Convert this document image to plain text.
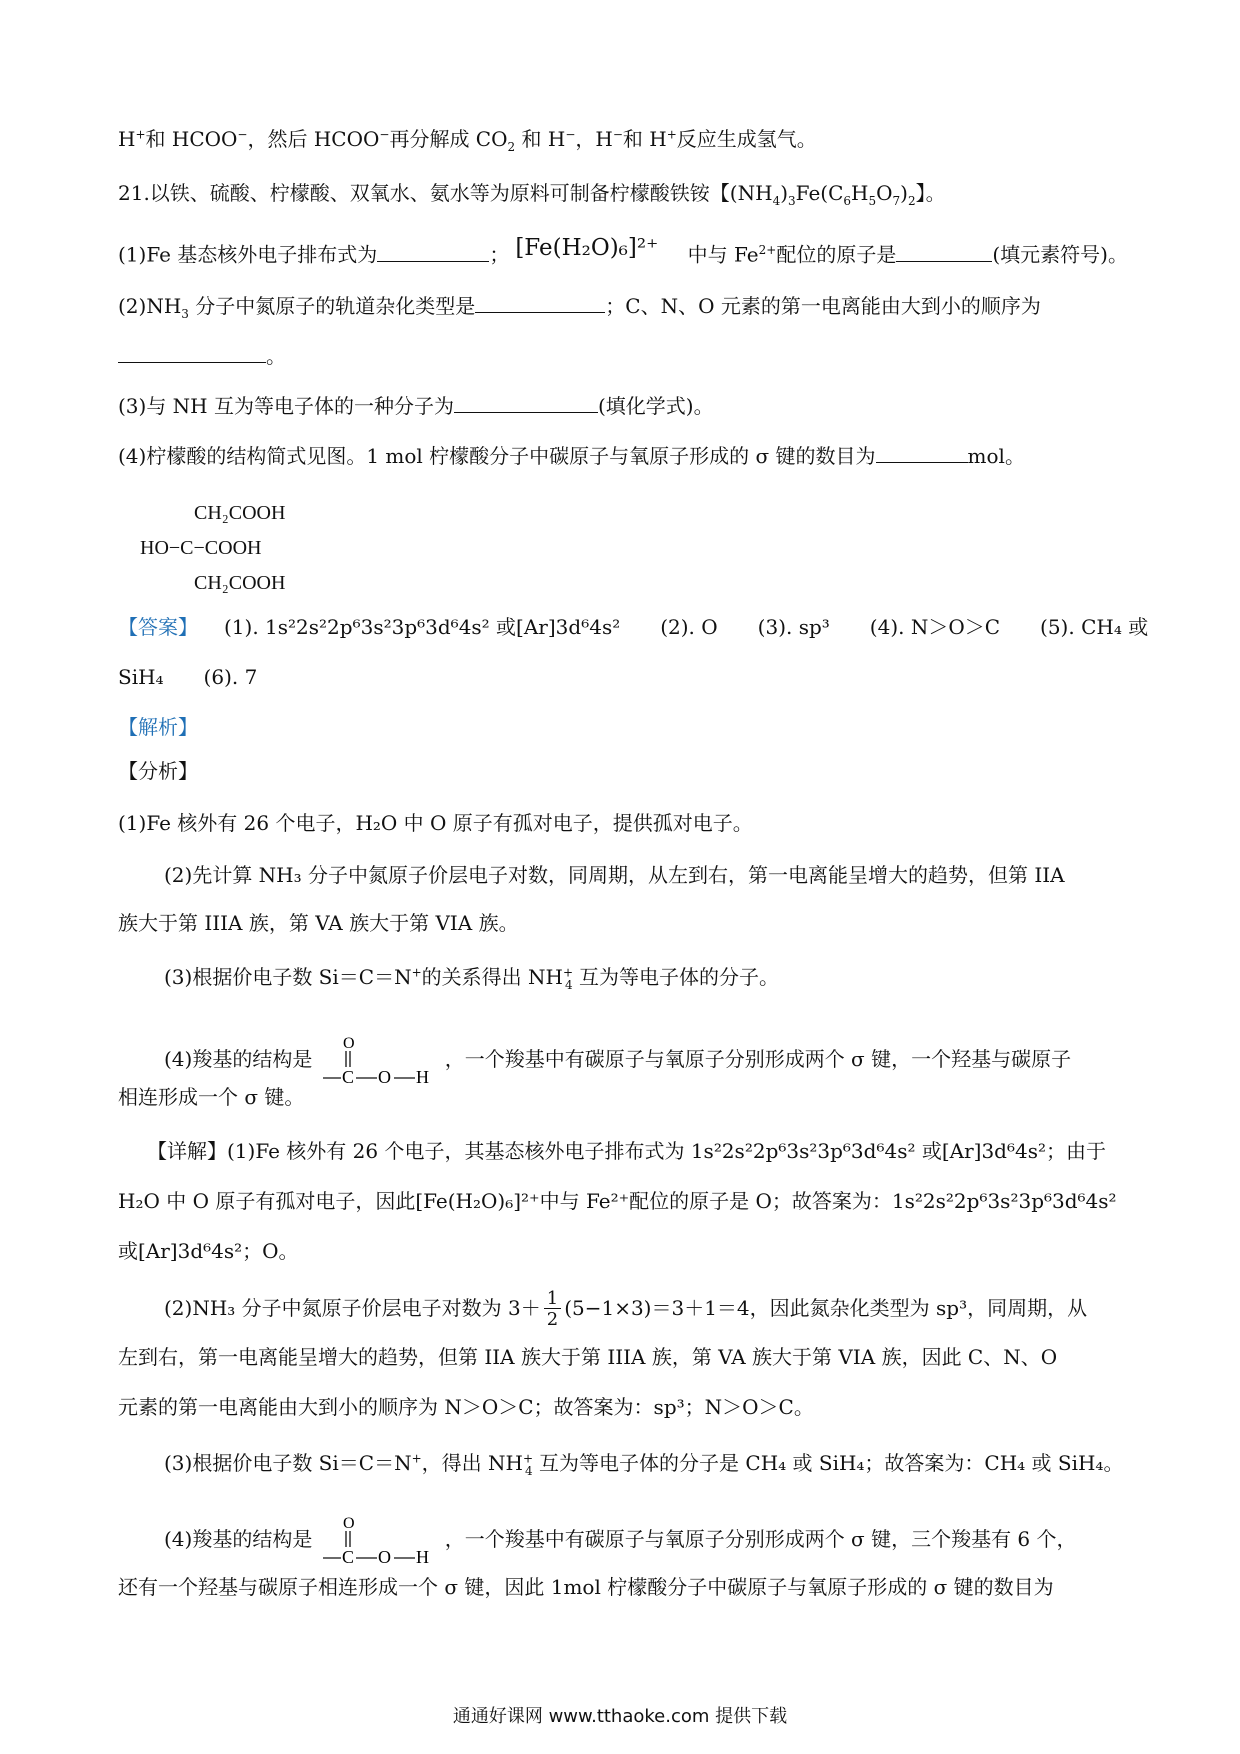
H+和 HCOO−，然后 HCOO−再分解成 $CO_2$ 和 H−，H−和 H+反应生成氢气。
21.以铁、硫酸、柠檬酸、双氧水、氨水等为原料可制备柠檬酸铁铵【$(NH_4)_3Fe(C_6H_5O_7)_2$】。
(1)Fe 基态核外电子排布式为	； [Fe(H₂O)₆]²⁺ 中与 $Fe^{2+}$配位的原子是	(填元素符号)。
$(2)NH_3$ 分子中氮原子的轨道杂化类型是	；C、N、O 元素的第一电离能由大到小的顺序为
。
(3)与 NH 互为等电子体的一种分子为	(填化学式)。
(4)柠檬酸的结构简式见图。1 mol 柠檬酸分子中碳原子与氧原子形成的 σ 键的数目为	mol。
CH₂COOH
HO−C−COOH
CH₂COOH
【答案】 (1). 1s²2s²2p⁶3s²3p⁶3d⁶4s² 或[Ar]3d⁶4s²　　(2). O　　(3). sp³　　(4). N＞O＞C　　(5). CH₄ 或
SiH₄　　(6). 7
【解析】
【分析】
(1)Fe 核外有 26 个电子，H₂O 中 O 原子有孤对电子，提供孤对电子。
(2)先计算 NH₃ 分子中氮原子价层电子对数，同周期，从左到右，第一电离能呈增大的趋势，但第 IIA
族大于第 IIIA 族，第 VA 族大于第 VIA 族。
(3)根据价电子数 Si＝C＝N+的关系得出 $NH^+_4$ 互为等电子体的分子。
(4)羧基的结构是
O
C O H
，一个羧基中有碳原子与氧原子分别形成两个 σ 键，一个羟基与碳原子
相连形成一个 σ 键。
【详解】(1)Fe 核外有 26 个电子，其基态核外电子排布式为 1s²2s²2p⁶3s²3p⁶3d⁶4s² 或[Ar]3d⁶4s²；由于
H₂O 中 O 原子有孤对电子，因此[Fe(H₂O)₆]²⁺中与 Fe²⁺配位的原子是 O；故答案为：1s²2s²2p⁶3s²3p⁶3d⁶4s²
或[Ar]3d⁶4s²；O。
(2)NH₃ 分子中氮原子价层电子对数为 $3+ \frac{1}{2} (5-1\times 3)=3+1=4$，因此氮杂化类型为 sp³，同周期，从
左到右，第一电离能呈增大的趋势，但第 IIA 族大于第 IIIA 族，第 VA 族大于第 VIA 族，因此 C、N、O
元素的第一电离能由大到小的顺序为 N＞O＞C；故答案为：sp³；N＞O＞C。
(3)根据价电子数 Si＝C＝N+，得出 $NH^+_4$ 互为等电子体的分子是 CH₄ 或 SiH₄；故答案为：CH₄ 或 SiH₄。
(4)羧基的结构是
O
C O H
，一个羧基中有碳原子与氧原子分别形成两个 σ 键，三个羧基有 6 个，
还有一个羟基与碳原子相连形成一个 σ 键，因此 1mol 柠檬酸分子中碳原子与氧原子形成的 σ 键的数目为
通通好课网 www.tthaoke.com 提供下载
